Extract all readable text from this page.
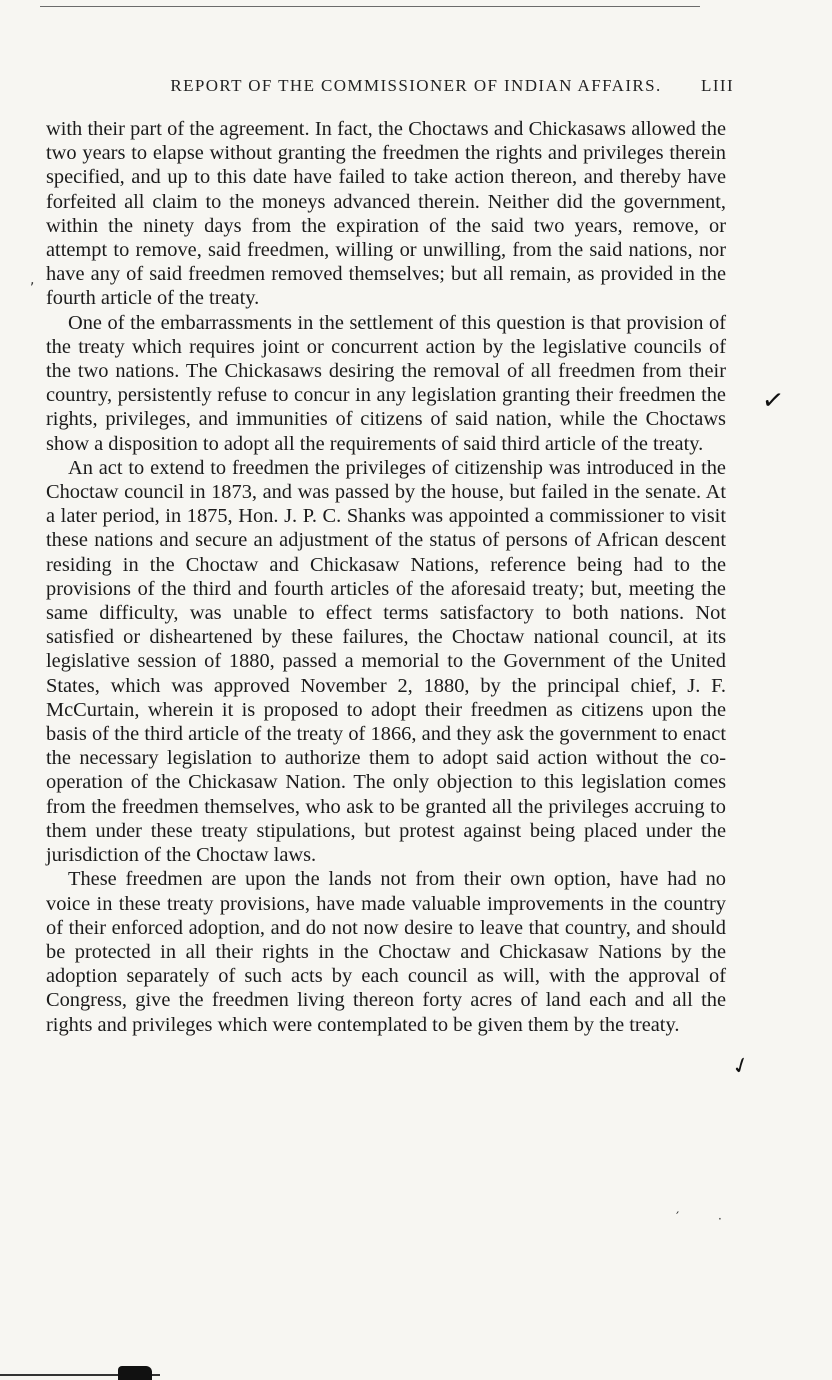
REPORT OF THE COMMISSIONER OF INDIAN AFFAIRS.	LIII

with their part of the agreement. In fact, the Choctaws and Chickasaws allowed the two years to elapse without granting the freedmen the rights and privileges therein specified, and up to this date have failed to take action thereon, and thereby have forfeited all claim to the moneys advanced therein. Neither did the government, within the ninety days from the expiration of the said two years, remove, or attempt to remove, said freedmen, willing or unwilling, from the said nations, nor have any of said freedmen removed themselves; but all remain, as provided in the fourth article of the treaty.

One of the embarrassments in the settlement of this question is that provision of the treaty which requires joint or concurrent action by the legislative councils of the two nations. The Chickasaws desiring the removal of all freedmen from their country, persistently refuse to concur in any legislation granting their freedmen the rights, privileges, and immunities of citizens of said nation, while the Choctaws show a disposition to adopt all the requirements of said third article of the treaty.

An act to extend to freedmen the privileges of citizenship was introduced in the Choctaw council in 1873, and was passed by the house, but failed in the senate. At a later period, in 1875, Hon. J. P. C. Shanks was appointed a commissioner to visit these nations and secure an adjustment of the status of persons of African descent residing in the Choctaw and Chickasaw Nations, reference being had to the provisions of the third and fourth articles of the aforesaid treaty; but, meeting the same difficulty, was unable to effect terms satisfactory to both nations. Not satisfied or disheartened by these failures, the Choctaw national council, at its legislative session of 1880, passed a memorial to the Government of the United States, which was approved November 2, 1880, by the principal chief, J. F. McCurtain, wherein it is proposed to adopt their freedmen as citizens upon the basis of the third article of the treaty of 1866, and they ask the government to enact the necessary legislation to authorize them to adopt said action without the co-operation of the Chickasaw Nation. The only objection to this legislation comes from the freedmen themselves, who ask to be granted all the privileges accruing to them under these treaty stipulations, but protest against being placed under the jurisdiction of the Choctaw laws.

These freedmen are upon the lands not from their own option, have had no voice in these treaty provisions, have made valuable improvements in the country of their enforced adoption, and do not now desire to leave that country, and should be protected in all their rights in the Choctaw and Chickasaw Nations by the adoption separately of such acts by each council as will, with the approval of Congress, give the freedmen living thereon forty acres of land each and all the rights and privileges which were contemplated to be given them by the treaty.

✓
✓
,
′	·
